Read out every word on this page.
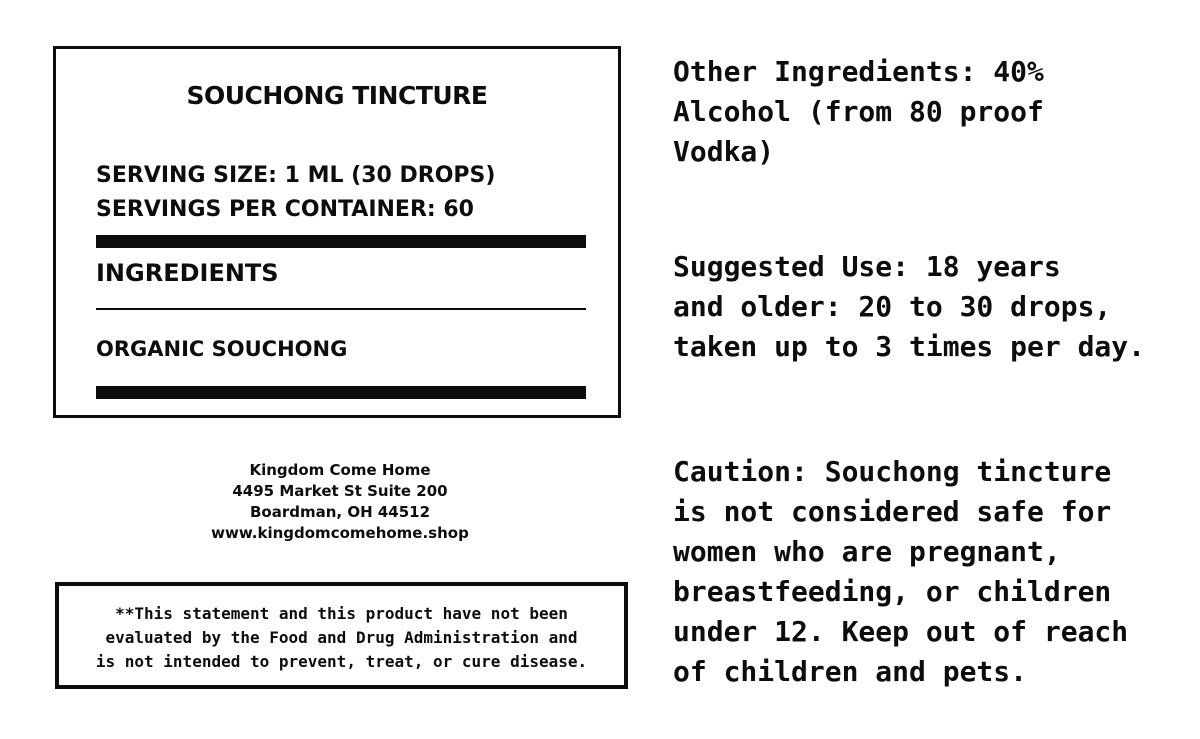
SOUCHONG TINCTURE
SERVING SIZE: 1 ML (30 DROPS)
SERVINGS PER CONTAINER: 60
INGREDIENTS
ORGANIC SOUCHONG
Kingdom Come Home
4495 Market St Suite 200
Boardman, OH 44512
www.kingdomcomehome.shop
**This statement and this product have not been
evaluated by the Food and Drug Administration and
is not intended to prevent, treat, or cure disease.
Other Ingredients: 40%
Alcohol (from 80 proof
Vodka)
Suggested Use: 18 years
and older: 20 to 30 drops,
taken up to 3 times per day.
Caution: Souchong tincture
is not considered safe for
women who are pregnant,
breastfeeding, or children
under 12. Keep out of reach
of children and pets.
